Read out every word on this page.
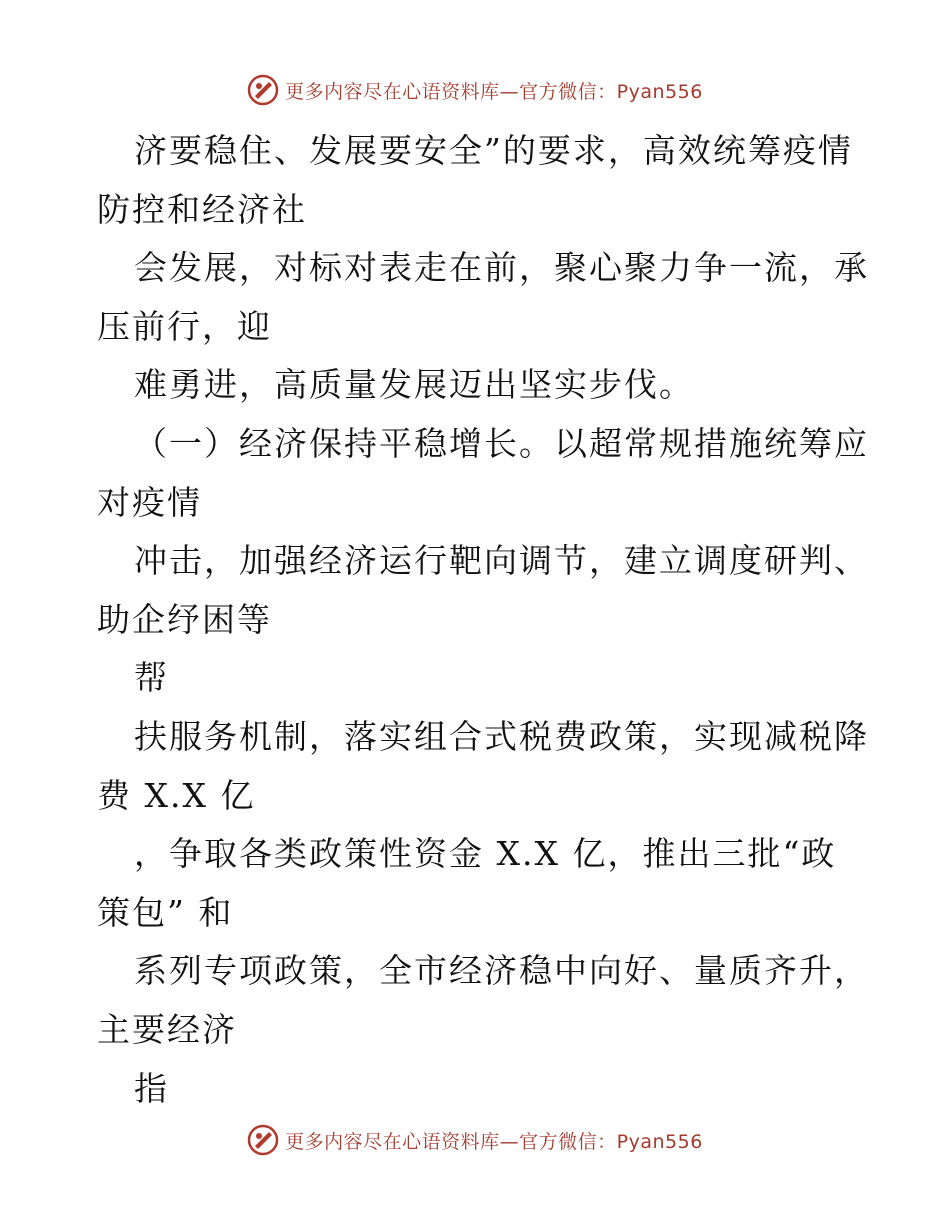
更多内容尽在心语资料库—官方微信：Pyan556
济要稳住、发展要安全”的要求，高效统筹疫情
防控和经济社
会发展，对标对表走在前，聚心聚力争一流，承
压前行，迎
难勇进，高质量发展迈出坚实步伐。
（一）经济保持平稳增长。以超常规措施统筹应
对疫情
冲击，加强经济运行靶向调节，建立调度研判、
助企纾困等
帮
扶服务机制，落实组合式税费政策，实现减税降
费 X.X 亿
，争取各类政策性资金 X.X 亿，推出三批“政
策包” 和
系列专项政策，全市经济稳中向好、量质齐升，
主要经济
指
更多内容尽在心语资料库—官方微信：Pyan556
